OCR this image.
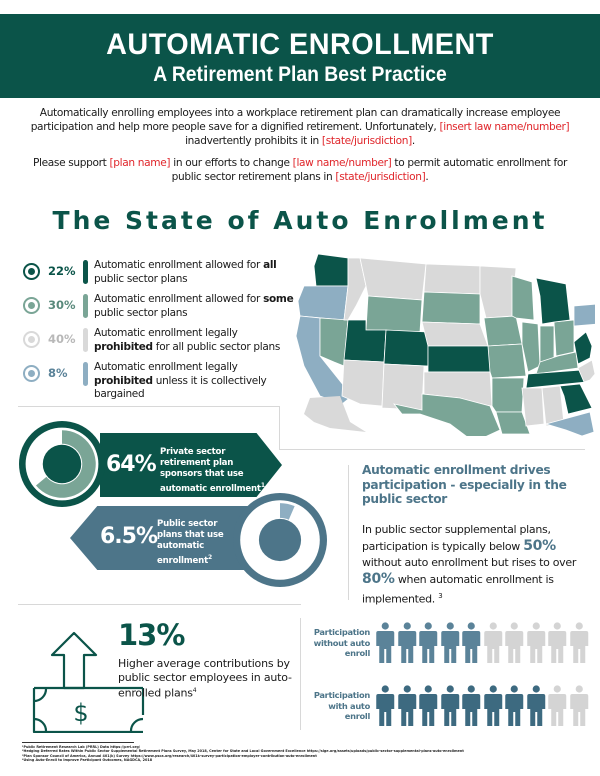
AUTOMATIC ENROLLMENT
A Retirement Plan Best Practice

Automatically enrolling employees into a workplace retirement plan can dramatically increase employee participation and help more people save for a dignified retirement. Unfortunately, [insert law name/number] inadvertently prohibits it in [state/jurisdiction].

Please support [plan name] in our efforts to change [law name/number] to permit automatic enrollment for public sector retirement plans in [state/jurisdiction].

The State of Auto Enrollment
22% Automatic enrollment allowed for all public sector plans
30% Automatic enrollment allowed for some public sector plans
40% Automatic enrollment legally prohibited for all public sector plans
8%	Automatic enrollment legally prohibited unless it is collectively bargained
64% Private sector retirement plan sponsors that use automatic enrollment$^1$
6.5% Public sector plans that use automatic enrollment$^2$
Automatic enrollment drives participation - especially in the public sector
In public sector supplemental plans, participation is typically below 50% without auto enrollment but rises to over 80% when automatic enrollment is implemented. $^3$
$
13%
Higher average contributions by public sector employees in auto-enrolled plans$^4$
Participation without auto enroll
Participation with auto enroll
¹Public Retirement Research Lab (PRRL) Data https://prrl.org/
²Hedging Deferred Rates Within Public Sector Supplemental Retirement Plans Survey, May 2018, Center for State and Local Government Excellence https://slge.org/assets/uploads/public-sector-supplemental-plans-auto-enrollment
³Plan Sponsor Council of America, Annual 401(k) Survey https://www.psca.org/research/401k-survey-participation-employer-contribution-auto-enrollment
⁴Using Auto-Enroll to Improve Participant Outcomes, NAGDCA, 2018
